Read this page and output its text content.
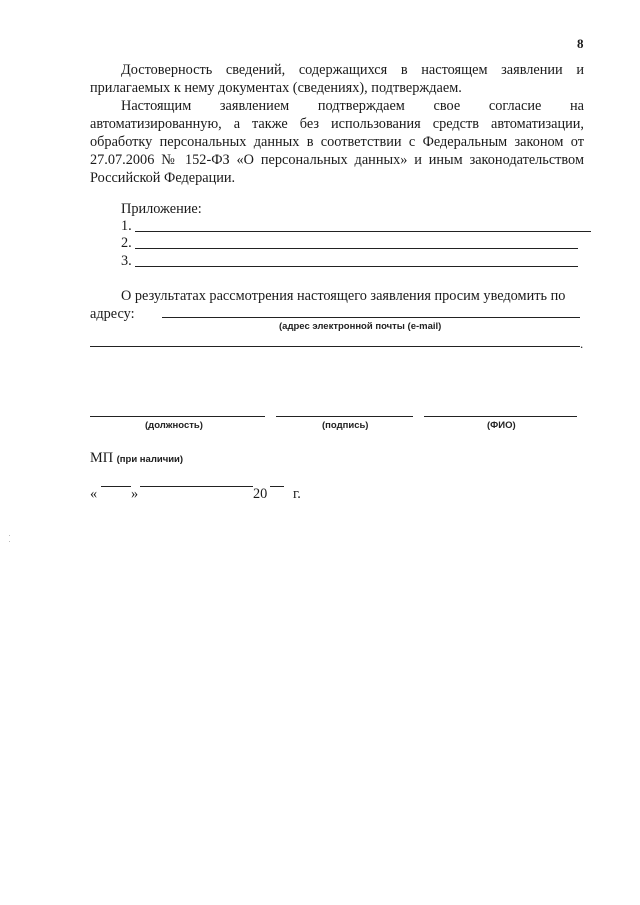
8

Достоверность сведений, содержащихся в настоящем заявлении и прилагаемых к нему документах (сведениях), подтверждаем.

Настоящим заявлением подтверждаем свое согласие на автоматизированную, а также без использования средств автоматизации, обработку персональных данных в соответствии с Федеральным законом от 27.07.2006 № 152-ФЗ «О персональных данных» и иным законодательством Российской Федерации.

Приложение:
1.
2.
3.

О результатах рассмотрения настоящего заявления просим уведомить по адресу:

(адрес электронной почты (e-mail)
.
(должность)	(подпись)	(ФИО)
МП (при наличии)
« »	20 г.
